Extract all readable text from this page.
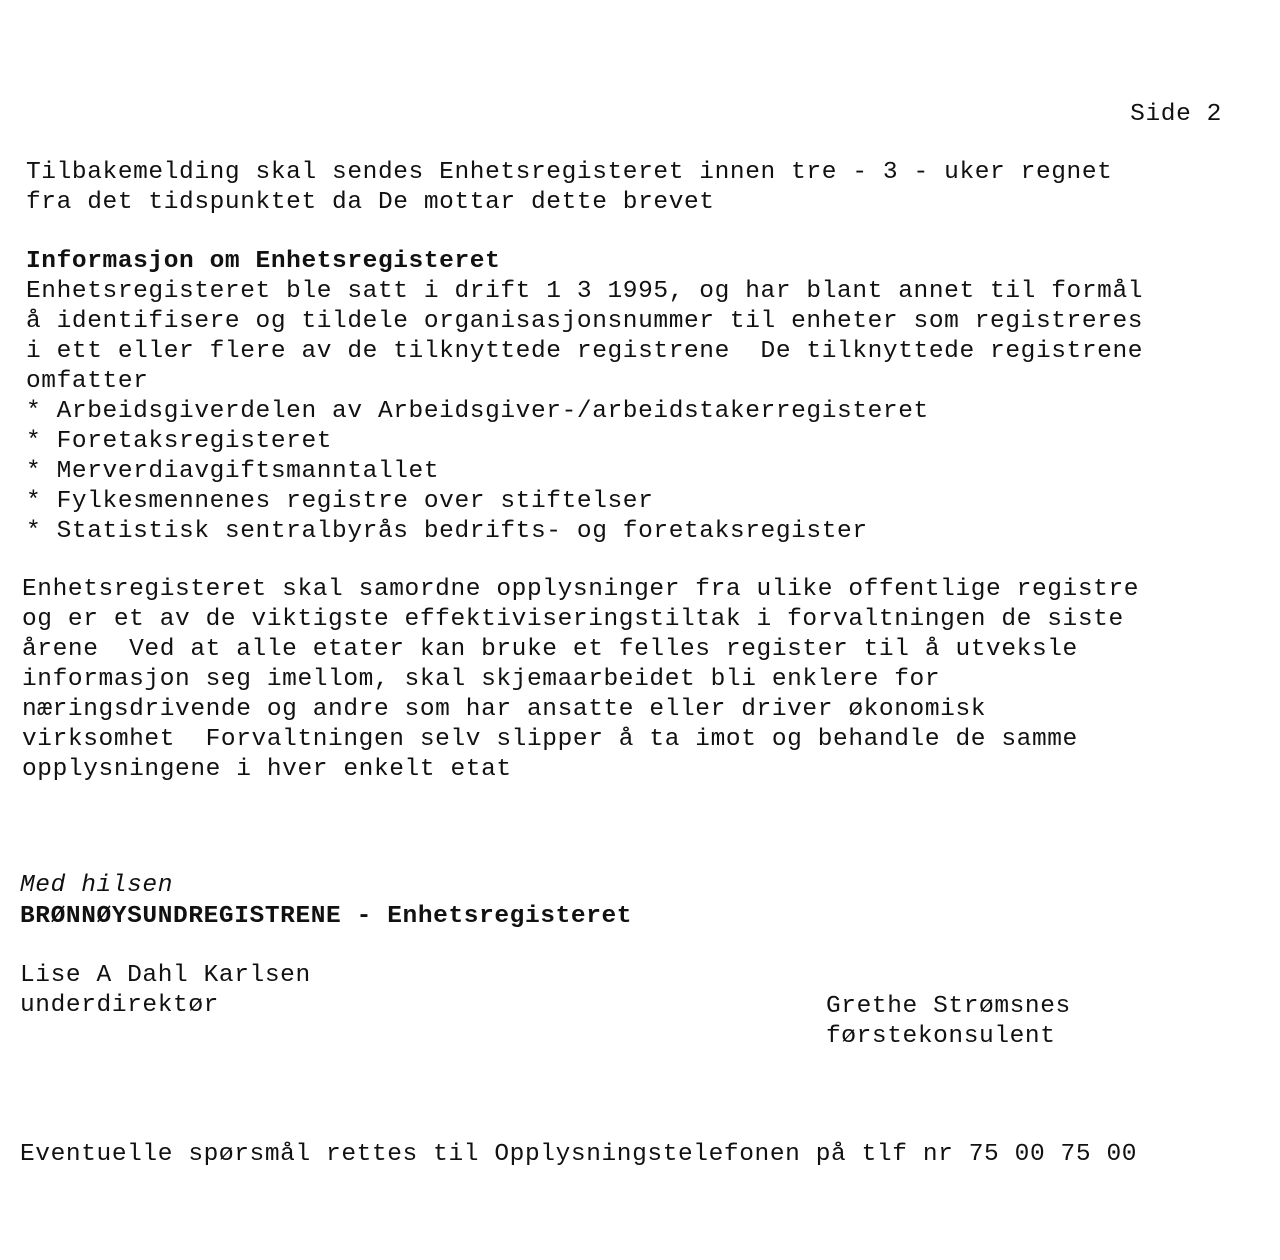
Side 2
Tilbakemelding skal sendes Enhetsregisteret innen tre - 3 - uker regnet
fra det tidspunktet da De mottar dette brevet
Informasjon om Enhetsregisteret
Enhetsregisteret ble satt i drift 1 3 1995, og har blant annet til formål
å identifisere og tildele organisasjonsnummer til enheter som registreres
i ett eller flere av de tilknyttede registrene  De tilknyttede registrene
omfatter
* Arbeidsgiverdelen av Arbeidsgiver-/arbeidstakerregisteret
* Foretaksregisteret
* Merverdiavgiftsmanntallet
* Fylkesmennenes registre over stiftelser
* Statistisk sentralbyrås bedrifts- og foretaksregister
Enhetsregisteret skal samordne opplysninger fra ulike offentlige registre
og er et av de viktigste effektiviseringstiltak i forvaltningen de siste
årene  Ved at alle etater kan bruke et felles register til å utveksle
informasjon seg imellom, skal skjemaarbeidet bli enklere for
næringsdrivende og andre som har ansatte eller driver økonomisk
virksomhet  Forvaltningen selv slipper å ta imot og behandle de samme
opplysningene i hver enkelt etat
Med hilsen
BRØNNØYSUNDREGISTRENE - Enhetsregisteret
Lise A Dahl Karlsen
underdirektør	Grethe Strømsnes
førstekonsulent
Eventuelle spørsmål rettes til Opplysningstelefonen på tlf nr 75 00 75 00
